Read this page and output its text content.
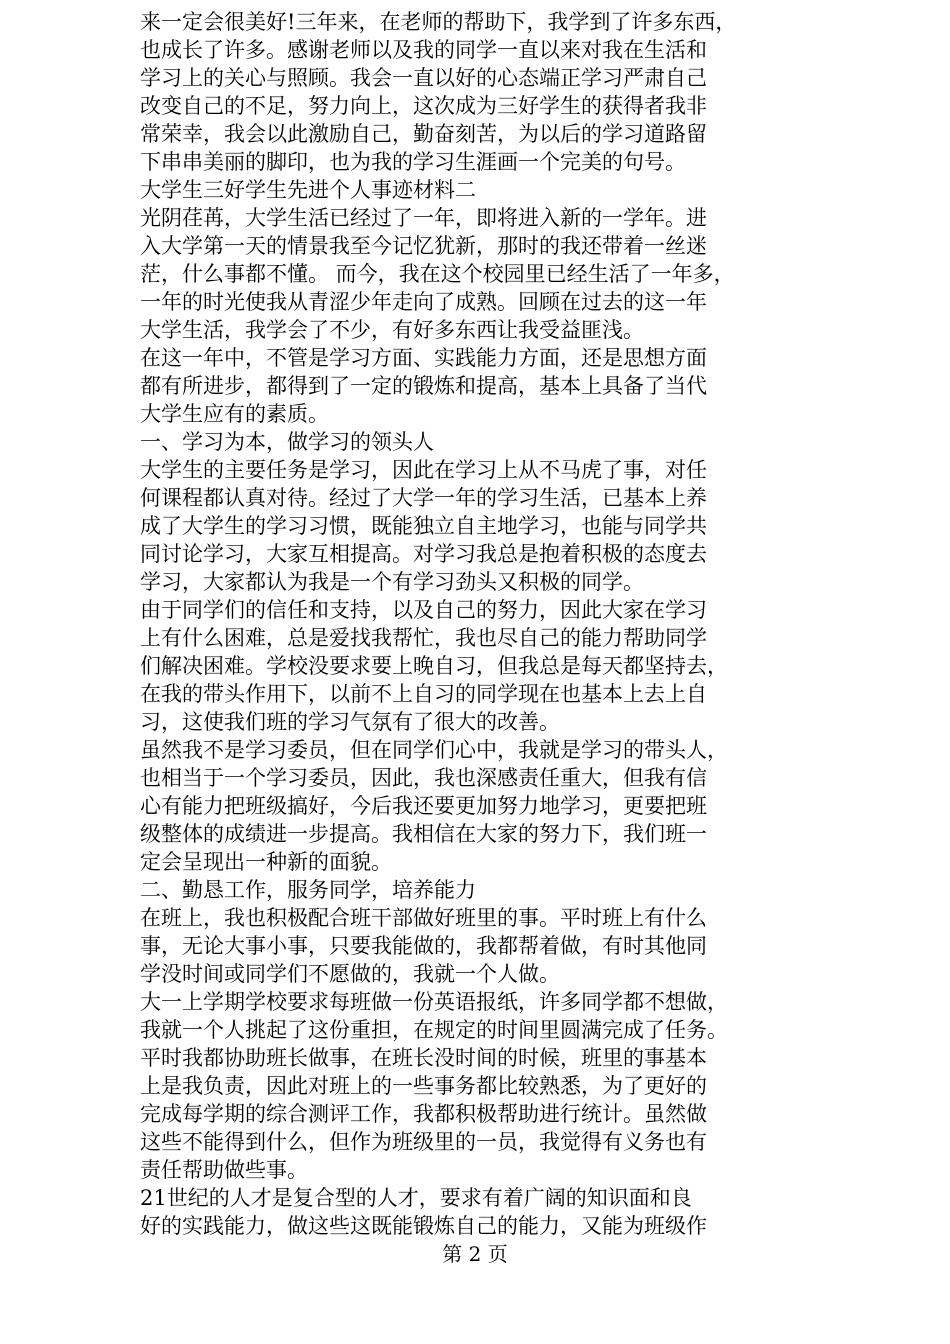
来一定会很美好!三年来，在老师的帮助下，我学到了许多东西，
也成长了许多。感谢老师以及我的同学一直以来对我在生活和
学习上的关心与照顾。我会一直以好的心态端正学习严肃自己
改变自己的不足，努力向上，这次成为三好学生的获得者我非
常荣幸，我会以此激励自己，勤奋刻苦，为以后的学习道路留
下串串美丽的脚印，也为我的学习生涯画一个完美的句号。
大学生三好学生先进个人事迹材料二
光阴荏苒，大学生活已经过了一年，即将进入新的一学年。进
入大学第一天的情景我至今记忆犹新，那时的我还带着一丝迷
茫，什么事都不懂。 而今，我在这个校园里已经生活了一年多，
一年的时光使我从青涩少年走向了成熟。回顾在过去的这一年
大学生活，我学会了不少，有好多东西让我受益匪浅。
在这一年中，不管是学习方面、实践能力方面，还是思想方面
都有所进步，都得到了一定的锻炼和提高，基本上具备了当代
大学生应有的素质。
一、学习为本，做学习的领头人
大学生的主要任务是学习，因此在学习上从不马虎了事，对任
何课程都认真对待。经过了大学一年的学习生活，已基本上养
成了大学生的学习习惯，既能独立自主地学习，也能与同学共
同讨论学习，大家互相提高。对学习我总是抱着积极的态度去
学习，大家都认为我是一个有学习劲头又积极的同学。
由于同学们的信任和支持，以及自己的努力，因此大家在学习
上有什么困难，总是爱找我帮忙，我也尽自己的能力帮助同学
们解决困难。学校没要求要上晚自习，但我总是每天都坚持去，
在我的带头作用下，以前不上自习的同学现在也基本上去上自
习，这使我们班的学习气氛有了很大的改善。
虽然我不是学习委员，但在同学们心中，我就是学习的带头人，
也相当于一个学习委员，因此，我也深感责任重大，但我有信
心有能力把班级搞好，今后我还要更加努力地学习，更要把班
级整体的成绩进一步提高。我相信在大家的努力下，我们班一
定会呈现出一种新的面貌。
二、勤恳工作，服务同学，培养能力
在班上，我也积极配合班干部做好班里的事。平时班上有什么
事，无论大事小事，只要我能做的，我都帮着做，有时其他同
学没时间或同学们不愿做的，我就一个人做。
大一上学期学校要求每班做一份英语报纸，许多同学都不想做，
我就一个人挑起了这份重担，在规定的时间里圆满完成了任务。
平时我都协助班长做事，在班长没时间的时候，班里的事基本
上是我负责，因此对班上的一些事务都比较熟悉，为了更好的
完成每学期的综合测评工作，我都积极帮助进行统计。虽然做
这些不能得到什么，但作为班级里的一员，我觉得有义务也有
责任帮助做些事。
21世纪的人才是复合型的人才，要求有着广阔的知识面和良
好的实践能力，做这些这既能锻炼自己的能力，又能为班级作
第 2 页
